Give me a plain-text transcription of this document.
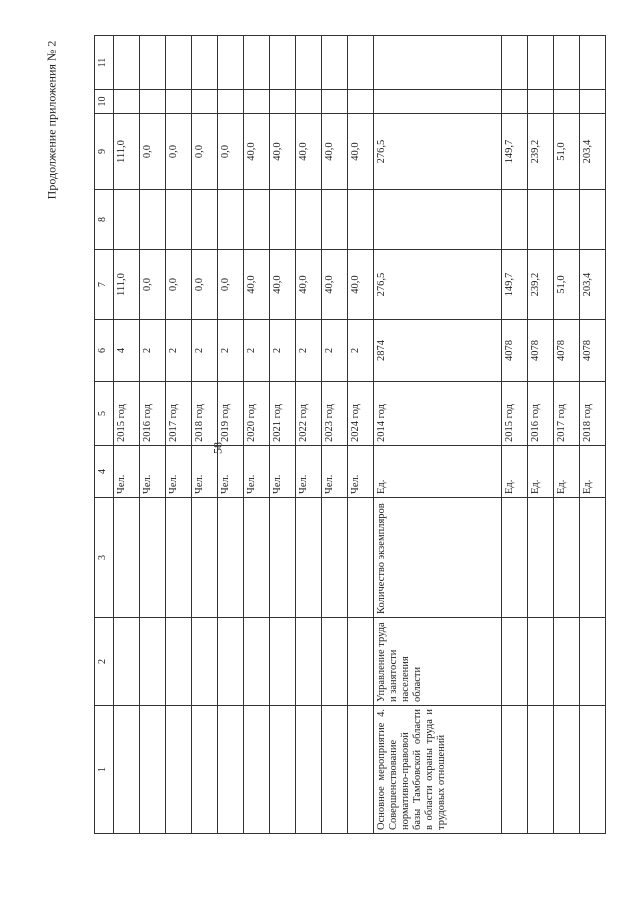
58
Продолжение приложения № 2
1	2	3	4	5	6	7	8	9	10	11
			Чел.	2015 год	4	111,0		111,0		
			Чел.	2016 год	2	0,0		0,0		
			Чел.	2017 год	2	0,0		0,0		
			Чел.	2018 год	2	0,0		0,0		
			Чел.	2019 год	2	0,0		0,0		
			Чел.	2020 год	2	40,0		40,0		
			Чел.	2021 год	2	40,0		40,0		
			Чел.	2022 год	2	40,0		40,0		
			Чел.	2023 год	2	40,0		40,0		
			Чел.	2024 год	2	40,0		40,0		
Основное мероприятие 4. Совершенствование нормативно-правовой базы Тамбовской области в области охраны труда и трудовых отношений	Управление труда и занятости населения области	Количество экземпляров	Ед.	2014 год	2874	276,5		276,5		
			Ед.	2015 год	4078	149,7		149,7		
			Ед.	2016 год	4078	239,2		239,2		
			Ед.	2017 год	4078	51,0		51,0		
			Ед.	2018 год	4078	203,4		203,4		
